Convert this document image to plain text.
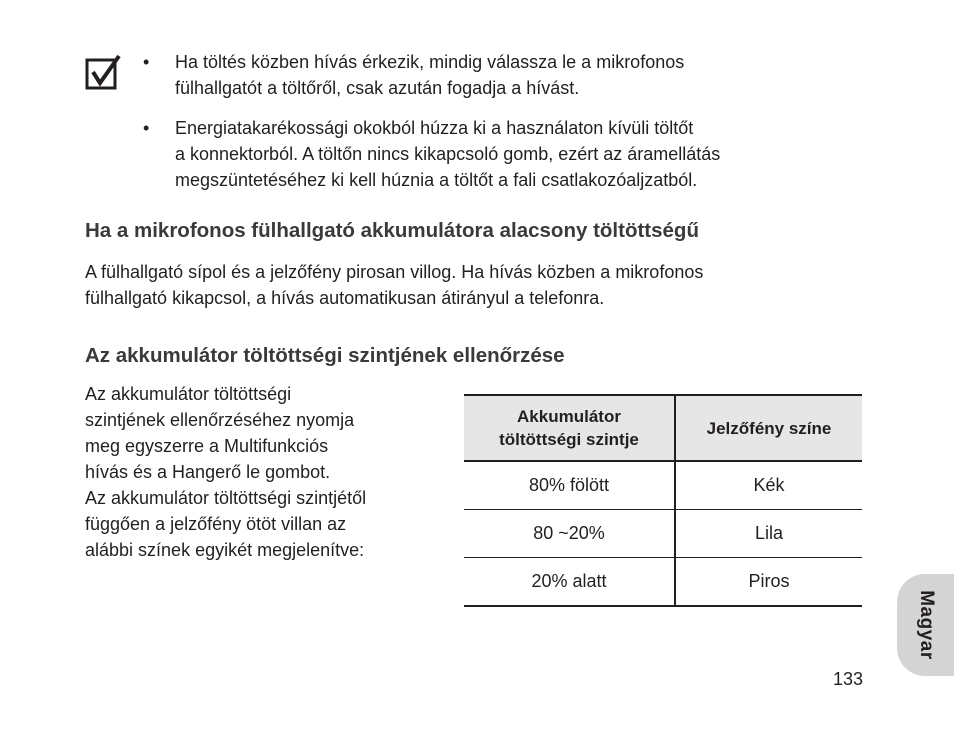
• Ha töltés közben hívás érkezik, mindig válassza le a mikrofonos
fülhallgatót a töltőről, csak azután fogadja a hívást.
• Energiatakarékossági okokból húzza ki a használaton kívüli töltőt
a konnektorból. A töltőn nincs kikapcsoló gomb, ezért az áramellátás
megszüntetéséhez ki kell húznia a töltőt a fali csatlakozóaljzatból.
Ha a mikrofonos fülhallgató akkumulátora alacsony töltöttségű

A fülhallgató sípol és a jelzőfény pirosan villog. Ha hívás közben a mikrofonos
fülhallgató kikapcsol, a hívás automatikusan átirányul a telefonra.

Az akkumulátor töltöttségi szintjének ellenőrzése

Az akkumulátor töltöttségi
szintjének ellenőrzéséhez nyomja
meg egyszerre a Multifunkciós
hívás és a Hangerő le gombot.
Az akkumulátor töltöttségi szintjétől
függően a jelzőfény ötöt villan az
alábbi színek egyikét megjelenítve:

Akkumulátor
töltöttségi szintje	Jelzőfény színe
80% fölött	Kék
80 ~20%	Lila
20% alatt	Piros
Magyar
133
